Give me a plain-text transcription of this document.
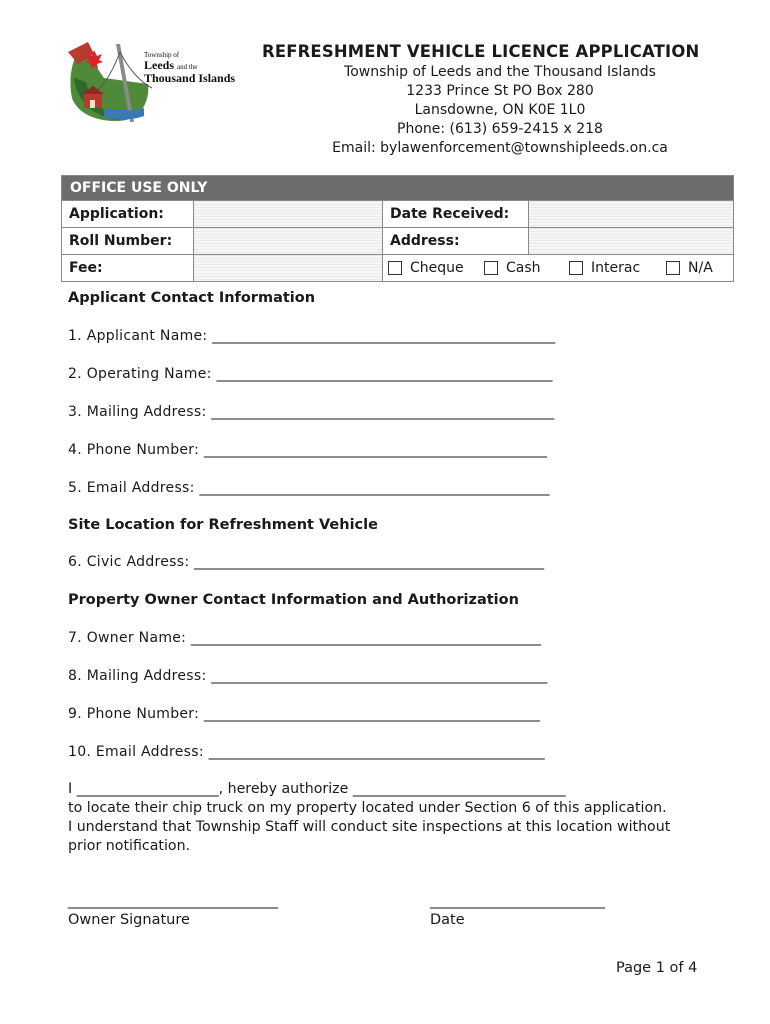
Township of
Leeds and the
Thousand Islands
REFRESHMENT VEHICLE LICENCE APPLICATION
Township of Leeds and the Thousand Islands
1233 Prince St PO Box 280
Lansdowne, ON K0E 1L0
Phone: (613) 659-2415 x 218
Email: bylawenforcement@townshipleeds.on.ca
OFFICE USE ONLY
Application:	Date Received:
Roll Number:	Address:
Fee:	Cheque	Cash	Interac	N/A
Applicant Contact Information
1. Applicant Name: _________________________________________________
2. Operating Name: ________________________________________________
3. Mailing Address: _________________________________________________
4. Phone Number: _________________________________________________
5. Email Address: __________________________________________________
Site Location for Refreshment Vehicle
6. Civic Address: __________________________________________________
Property Owner Contact Information and Authorization
7. Owner Name: __________________________________________________
8. Mailing Address: ________________________________________________
9. Phone Number: ________________________________________________
10. Email Address: ________________________________________________
I ____________________, hereby authorize ______________________________
to locate their chip truck on my property located under Section 6 of this application.
I understand that Township Staff will conduct site inspections at this location without
prior notification.
______________________________
Owner Signature
_________________________
Date
Page 1 of 4
